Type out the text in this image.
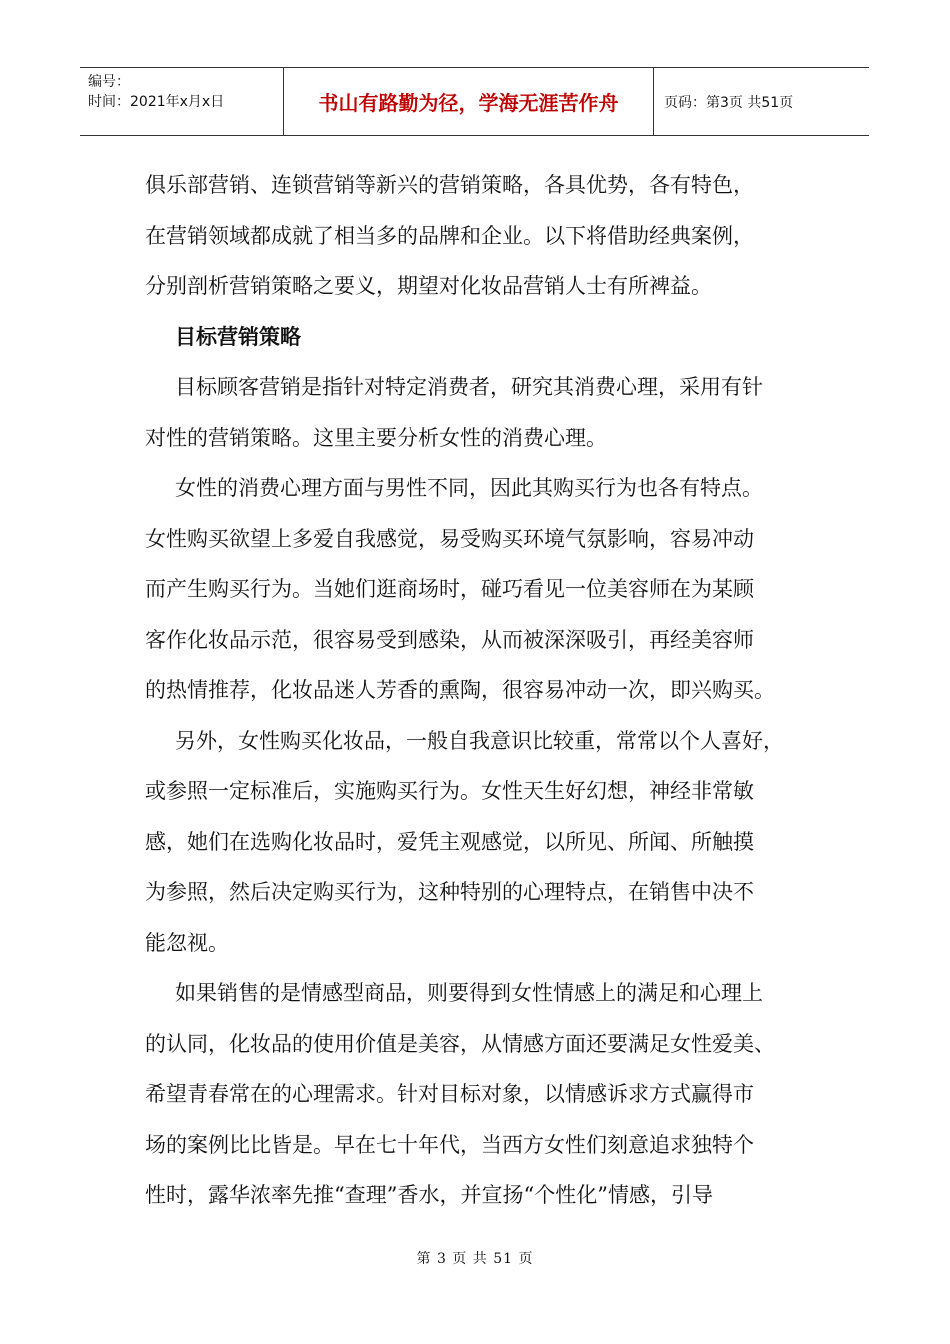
编号：
时间：2021年x月x日	书山有路勤为径，学海无涯苦作舟	页码：第3页 共51页

俱乐部营销、连锁营销等新兴的营销策略，各具优势，各有特色，

在营销领域都成就了相当多的品牌和企业。以下将借助经典案例，

分别剖析营销策略之要义，期望对化妆品营销人士有所裨益。

目标营销策略

目标顾客营销是指针对特定消费者，研究其消费心理，采用有针

对性的营销策略。这里主要分析女性的消费心理。

女性的消费心理方面与男性不同，因此其购买行为也各有特点。

女性购买欲望上多爱自我感觉，易受购买环境气氛影响，容易冲动

而产生购买行为。当她们逛商场时，碰巧看见一位美容师在为某顾

客作化妆品示范，很容易受到感染，从而被深深吸引，再经美容师

的热情推荐，化妆品迷人芳香的熏陶，很容易冲动一次，即兴购买。

另外，女性购买化妆品，一般自我意识比较重，常常以个人喜好，

或参照一定标准后，实施购买行为。女性天生好幻想，神经非常敏

感，她们在选购化妆品时，爱凭主观感觉，以所见、所闻、所触摸

为参照，然后决定购买行为，这种特别的心理特点，在销售中决不

能忽视。

如果销售的是情感型商品，则要得到女性情感上的满足和心理上

的认同，化妆品的使用价值是美容，从情感方面还要满足女性爱美、

希望青春常在的心理需求。针对目标对象，以情感诉求方式赢得市

场的案例比比皆是。早在七十年代，当西方女性们刻意追求独特个

性时，露华浓率先推“查理”香水，并宣扬“个性化”情感，引导

第 3 页 共 51 页
